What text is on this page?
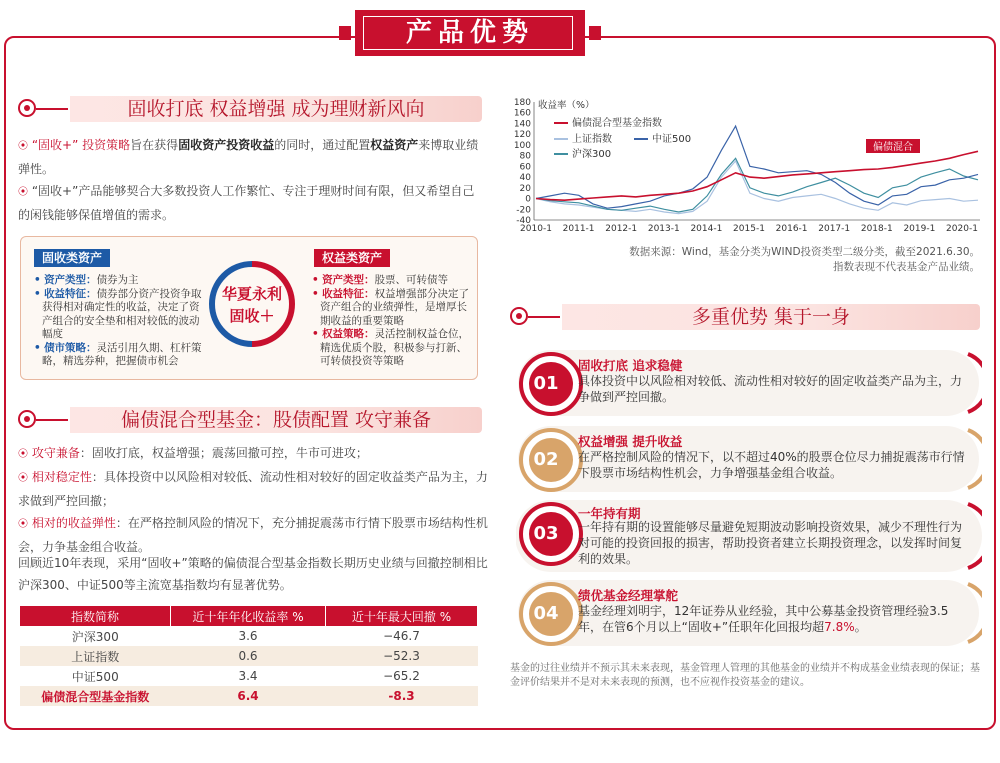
产品优势
固收打底 权益增强 成为理财新风向
⦿ “固收+” 投资策略旨在获得固收资产投资收益的同时，通过配置权益资产来博取业绩弹性。
⦿ “固收+”产品能够契合大多数投资人工作繁忙、专注于理财时间有限，但又希望自己的闲钱能够保值增值的需求。
固收类资产
• 资产类型：债券为主
• 收益特征：债券部分资产投资争取获得相对确定性的收益，决定了资产组合的安全垫和相对较低的波动幅度
• 债市策略：灵活引用久期、杠杆策略，精选券种，把握债市机会
华夏永利
固收＋
权益类资产
• 资产类型：股票、可转债等
• 收益特征：权益增强部分决定了资产组合的业绩弹性，是增厚长期收益的重要策略
• 权益策略：灵活控制权益仓位，精选优质个股，积极参与打新、可转债投资等策略
偏债混合型基金：股债配置 攻守兼备
⦿ 攻守兼备：固收打底，权益增强；震荡回撤可控，牛市可进攻；
⦿ 相对稳定性：具体投资中以风险相对较低、流动性相对较好的固定收益类产品为主，力求做到严控回撤；
⦿ 相对的收益弹性：在严格控制风险的情况下，充分捕捉震荡市行情下股票市场结构性机会，力争基金组合收益。
回顾近10年表现，采用“固收+”策略的偏债混合型基金指数长期历史业绩与回撤控制相比沪深300、中证500等主流宽基指数均有显著优势。
指数简称	近十年年化收益率 %	近十年最大回撤 %
沪深300	3.6	−46.7
上证指数	0.6	−52.3
中证500	3.4	−65.2
偏债混合型基金指数	6.4	-8.3
180
160
140
120
100
80
60
40
20
0
-20
-40
2010-1 2011-1 2012-1 2013-1 2014-1 2015-1 2016-1 2017-1 2018-1 2019-1 2020-1
收益率（%）
偏债混合型基金指数
上证指数	中证500
沪深300
偏债混合
数据来源：Wind，基金分类为WIND投资类型二级分类，截至2021.6.30。
指数表现不代表基金产品业绩。
多重优势 集于一身
01
固收打底 追求稳健
具体投资中以风险相对较低、流动性相对较好的固定收益类产品为主，力争做到严控回撤。
02
权益增强 提升收益
在严格控制风险的情况下，以不超过40%的股票仓位尽力捕捉震荡市行情下股票市场结构性机会，力争增强基金组合收益。
03
一年持有期
一年持有期的设置能够尽量避免短期波动影响投资效果，减少不理性行为对可能的投资回报的损害，帮助投资者建立长期投资理念，以发挥时间复利的效果。
04
绩优基金经理掌舵
基金经理刘明宇，12年证券从业经验，其中公募基金投资管理经验3.5年，在管6个月以上“固收+”任职年化回报均超7.8%。
基金的过往业绩并不预示其未来表现，基金管理人管理的其他基金的业绩并不构成基金业绩表现的保证；基金评价结果并不是对未来表现的预测，也不应视作投资基金的建议。
